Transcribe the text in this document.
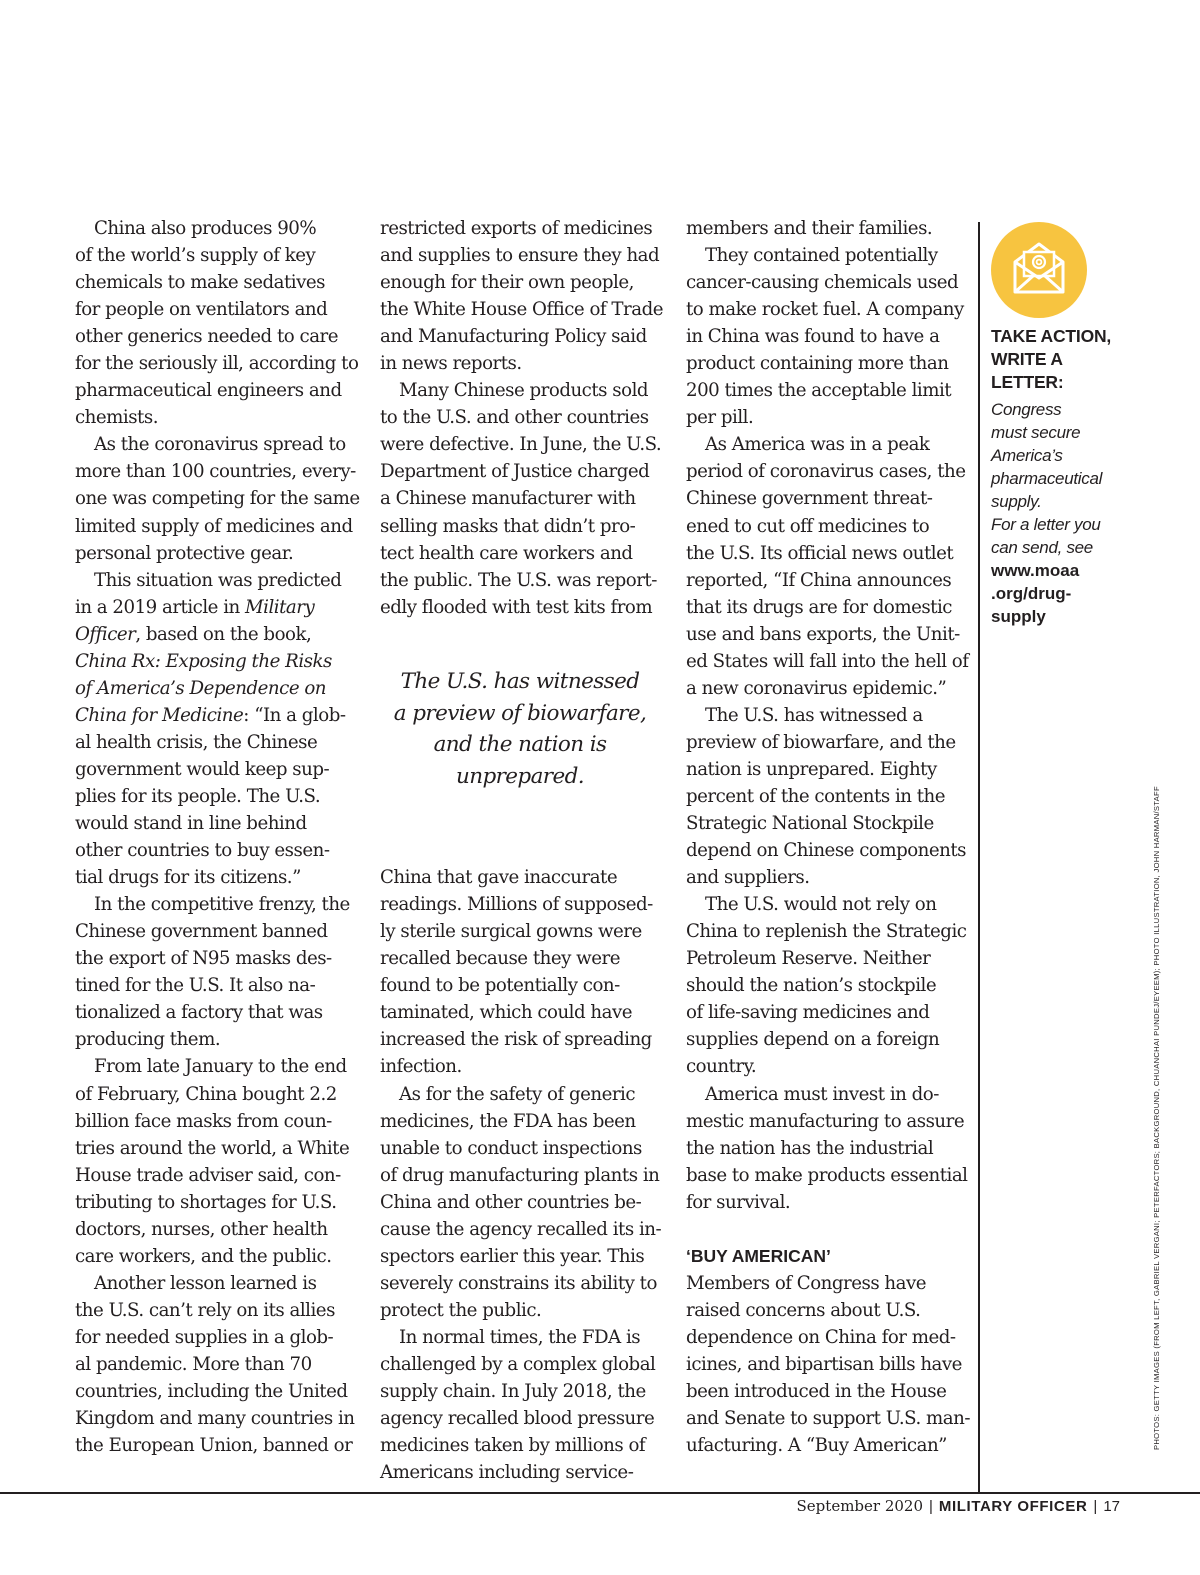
China also produces 90%
of the world’s supply of key
chemicals to make sedatives
for people on ventilators and
other generics needed to care
for the seriously ill, according to
pharmaceutical engineers and
chemists.
As the coronavirus spread to
more than 100 countries, every-
one was competing for the same
limited supply of medicines and
personal protective gear.
This situation was predicted
in a 2019 article in Military
Officer, based on the book,
China Rx: Exposing the Risks
of America’s Dependence on
China for Medicine: “In a glob-
al health crisis, the Chinese
government would keep sup-
plies for its people. The U.S.
would stand in line behind
other countries to buy essen-
tial drugs for its citizens.”
In the competitive frenzy, the
Chinese government banned
the export of N95 masks des-
tined for the U.S. It also na-
tionalized a factory that was
producing them.
From late January to the end
of February, China bought 2.2
billion face masks from coun-
tries around the world, a White
House trade adviser said, con-
tributing to shortages for U.S.
doctors, nurses, other health
care workers, and the public.
Another lesson learned is
the U.S. can’t rely on its allies
for needed supplies in a glob-
al pandemic. More than 70
countries, including the United
Kingdom and many countries in
the European Union, banned or
restricted exports of medicines
and supplies to ensure they had
enough for their own people,
the White House Office of Trade
and Manufacturing Policy said
in news reports.
Many Chinese products sold
to the U.S. and other countries
were defective. In June, the U.S.
Department of Justice charged
a Chinese manufacturer with
selling masks that didn’t pro-
tect health care workers and
the public. The U.S. was report-
edly flooded with test kits from
China that gave inaccurate
readings. Millions of supposed-
ly sterile surgical gowns were
recalled because they were
found to be potentially con-
taminated, which could have
increased the risk of spreading
infection.
As for the safety of generic
medicines, the FDA has been
unable to conduct inspections
of drug manufacturing plants in
China and other countries be-
cause the agency recalled its in-
spectors earlier this year. This
severely constrains its ability to
protect the public.
In normal times, the FDA is
challenged by a complex global
supply chain. In July 2018, the
agency recalled blood pressure
medicines taken by millions of
Americans including service-
members and their families.
They contained potentially
cancer-causing chemicals used
to make rocket fuel. A company
in China was found to have a
product containing more than
200 times the acceptable limit
per pill.
As America was in a peak
period of coronavirus cases, the
Chinese government threat-
ened to cut off medicines to
the U.S. Its official news outlet
reported, “If China announces
that its drugs are for domestic
use and bans exports, the Unit-
ed States will fall into the hell of
a new coronavirus epidemic.”
The U.S. has witnessed a
preview of biowarfare, and the
nation is unprepared. Eighty
percent of the contents in the
Strategic National Stockpile
depend on Chinese components
and suppliers.
The U.S. would not rely on
China to replenish the Strategic
Petroleum Reserve. Neither
should the nation’s stockpile
of life-saving medicines and
supplies depend on a foreign
country.
America must invest in do-
mestic manufacturing to assure
the nation has the industrial
base to make products essential
for survival.
‘BUY AMERICAN’
Members of Congress have
raised concerns about U.S.
dependence on China for med-
icines, and bipartisan bills have
been introduced in the House
and Senate to support U.S. man-
ufacturing. A “Buy American”
The U.S. has witnessed
a preview of biowarfare,
and the nation is
unprepared.
TAKE ACTION,
WRITE A
LETTER:
Congress
must secure
America’s
pharmaceutical
supply.
For a letter you
can send, see
www.moaa
.org/drug-
supply
PHOTOS: GETTY IMAGES (FROM LEFT, GABRIEL VERGANI; PETERFACTORS; BACKGROUND, CHUANCHAI PUNDEJ/EYEEM); PHOTO ILLUSTRATION, JOHN HARMAN/STAFF
September 2020 | MILITARY OFFICER | 17
